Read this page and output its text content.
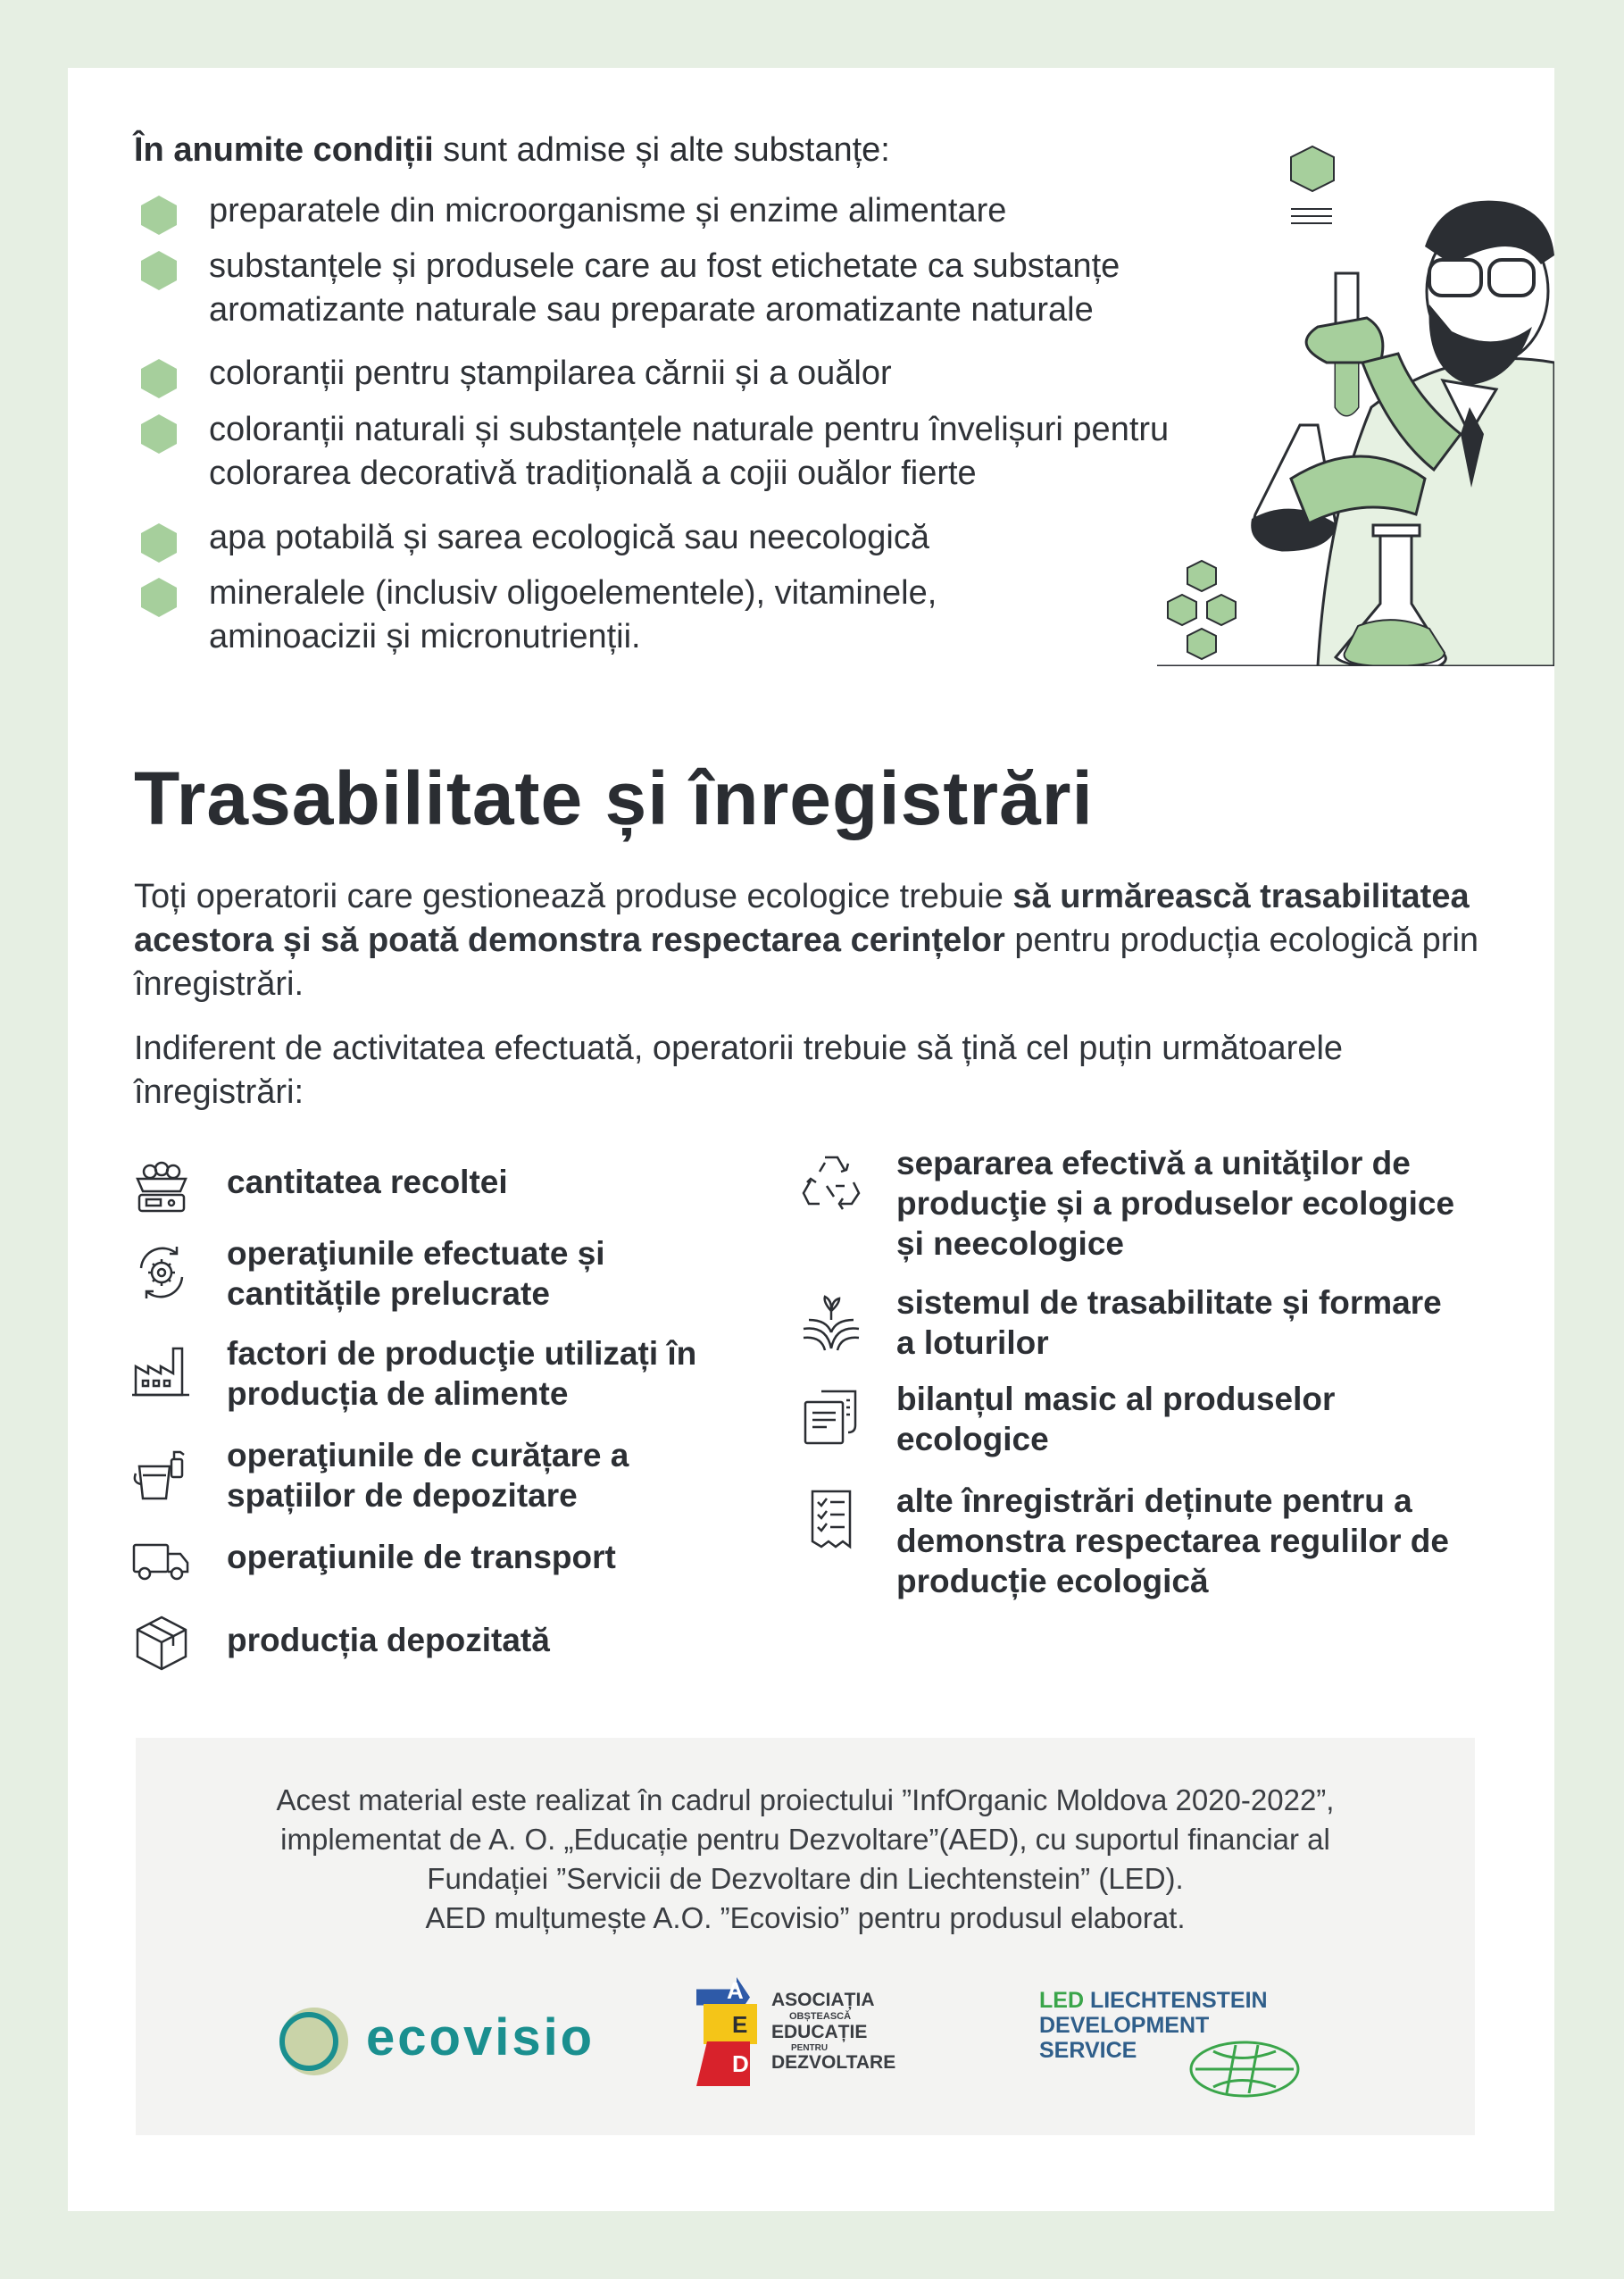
În anumite condiții sunt admise și alte substanțe:
preparatele din microorganisme și enzime alimentare
substanțele și produsele care au fost etichetate ca substanțe aromatizante naturale sau preparate aromatizante naturale
coloranții pentru ștampilarea cărnii și a ouălor
coloranții naturali și substanțele naturale pentru învelișuri pentru colorarea decorativă tradițională a cojii ouălor fierte
apa potabilă și sarea ecologică sau neecologică
mineralele (inclusiv oligoelementele), vitaminele, aminoacizii și micronutrienții.
Trasabilitate și înregistrări
Toți operatorii care gestionează produse ecologice trebuie să urmărească trasabilitatea acestora și să poată demonstra respectarea cerințelor pentru producția ecologică prin înregistrări.
Indiferent de activitatea efectuată, operatorii trebuie să țină cel puțin următoarele înregistrări:
cantitatea recoltei
operaţiunile efectuate și cantitățile prelucrate
factori de producţie utilizați în producția de alimente
operaţiunile de curățare a spațiilor de depozitare
operaţiunile de transport
producția depozitată
separarea efectivă a unităţilor de producţie și a produselor ecologice și neecologice
sistemul de trasabilitate și formare a loturilor
bilanțul masic al produselor ecologice
alte înregistrări deținute pentru a demonstra respectarea regulilor de producție ecologică
Acest material este realizat în cadrul proiectului ”InfOrganic Moldova 2020-2022”,
implementat de A. O. „Educație pentru Dezvoltare”(AED), cu suportul financiar al
Fundației ”Servicii de Dezvoltare din Liechtenstein” (LED).
AED mulțumește A.O. ”Ecovisio” pentru produsul elaborat.
ecovisio
A
E
D
ASOCIAȚIA
OBȘTEASCĂ
EDUCAȚIE
PENTRU
DEZVOLTARE
LED LIECHTENSTEIN
DEVELOPMENT
SERVICE
